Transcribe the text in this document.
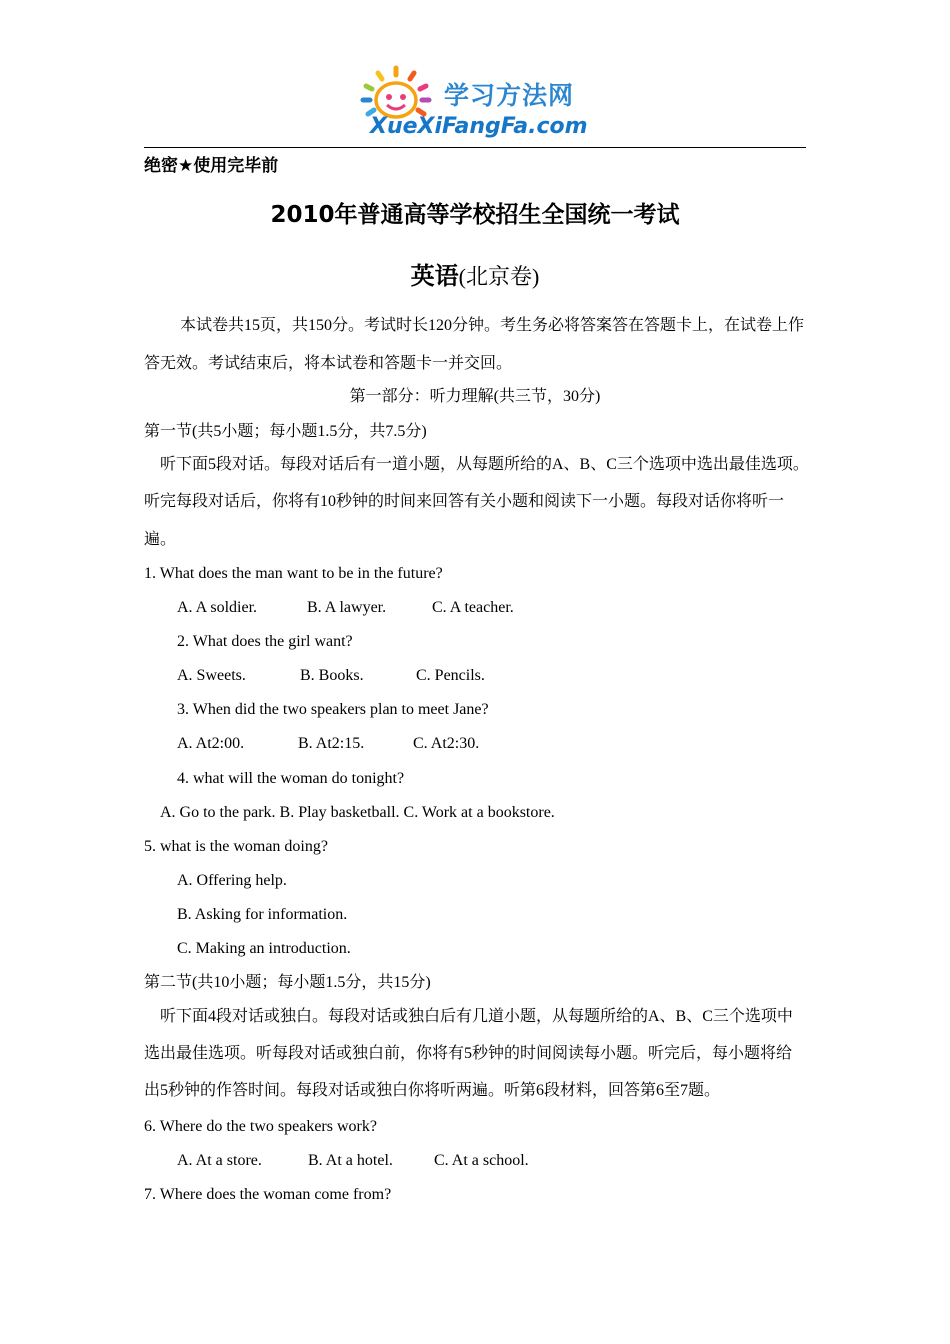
学习方法网
XueXiFangFa.com
绝密★使用完毕前
2010年普通高等学校招生全国统一考试
英语(北京卷)
本试卷共15页，共150分。考试时长120分钟。考生务必将答案答在答题卡上，在试卷上作
答无效。考试结束后，将本试卷和答题卡一并交回。
第一部分：听力理解(共三节，30分)
第一节(共5小题；每小题1.5分，共7.5分)
听下面5段对话。每段对话后有一道小题，从每题所给的A、B、C三个选项中选出最佳选项。
听完每段对话后，你将有10秒钟的时间来回答有关小题和阅读下一小题。每段对话你将听一
遍。
1. What does the man want to be in the future?
A. A soldier.	B. A lawyer.	C. A teacher.
2. What does the girl want?
A. Sweets.	B. Books.	C. Pencils.
3. When did the two speakers plan to meet Jane?
A. At2:00.	B. At2:15.	C. At2:30.
4. what will the woman do tonight?
A. Go to the park. B. Play basketball. C. Work at a bookstore.
5. what is the woman doing?
A. Offering help.
B. Asking for information.
C. Making an introduction.
第二节(共10小题；每小题1.5分，共15分)
听下面4段对话或独白。每段对话或独白后有几道小题，从每题所给的A、B、C三个选项中
选出最佳选项。听每段对话或独白前，你将有5秒钟的时间阅读每小题。听完后，每小题将给
出5秒钟的作答时间。每段对话或独白你将听两遍。听第6段材料，回答第6至7题。
6. Where do the two speakers work?
A. At a store.	B. At a hotel.	C. At a school.
7. Where does the woman come from?
